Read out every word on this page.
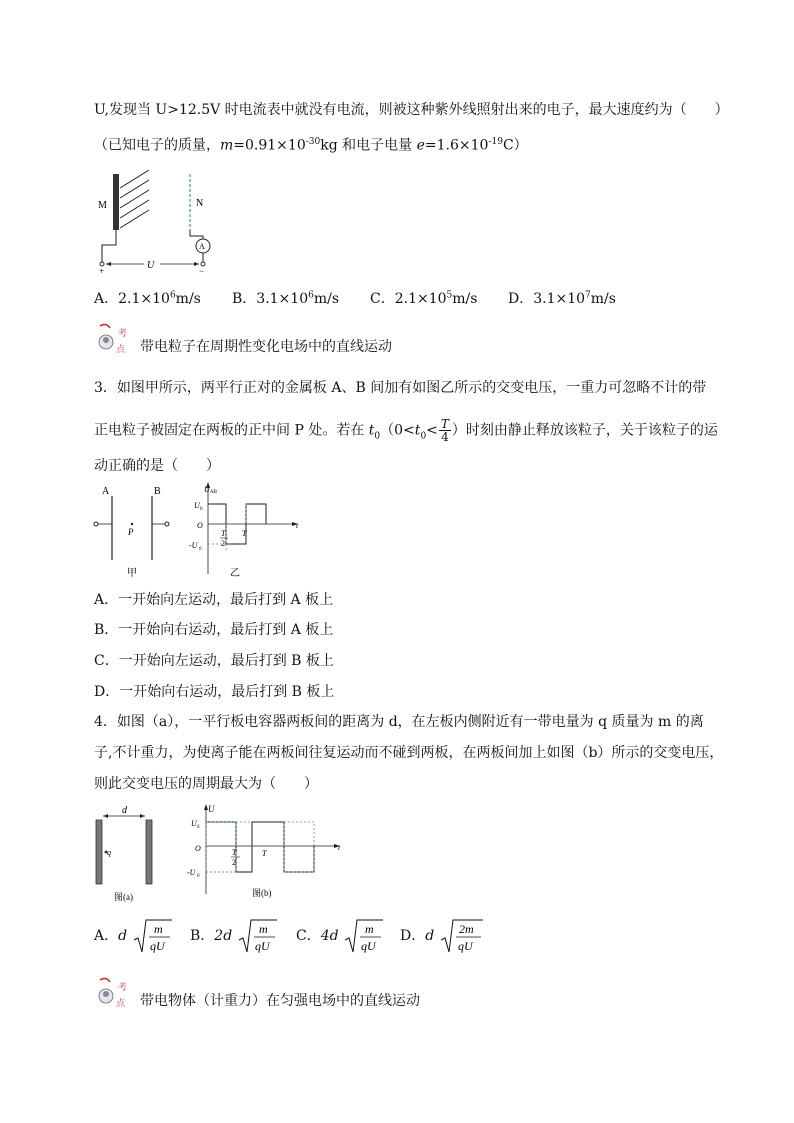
U,发现当 U>12.5V 时电流表中就没有电流，则被这种紫外线照射出来的电子，最大速度约为（　　）
（已知电子的质量，$m=0.91\times 10^{-30}kg$ 和电子电量 $e=1.6\times 10^{-19}C$）
M	N
A
U
+	−
A．$2.1\times 10^6m/s$ B．$3.1\times 10^6m/s$ C．$2.1\times 10^5m/s$ D．$3.1\times 10^7m/s$
考
点 带电粒子在周期性变化电场中的直线运动
3．如图甲所示，两平行正对的金属板 A、B 间加有如图乙所示的交变电压，一重力可忽略不计的带
正电粒子被固定在两板的正中间 P 处。若在 $t_0(0<t_0< \frac{T}{4}$ ）时刻由静止释放该粒子，关于该粒子的运
动正确的是（　　）
A	B
P
甲
U AB
U 0
O
-U 0
T
2
T
t
乙
A．一开始向左运动，最后打到 A 板上
B．一开始向右运动，最后打到 A 板上
C．一开始向左运动，最后打到 B 板上
D．一开始向右运动，最后打到 B 板上
4．如图（a），一平行板电容器两板间的距离为 d，在左板内侧附近有一带电量为 q 质量为 m 的离
子,不计重力，为使离子能在两板间往复运动而不碰到两板，在两板间加上如图（b）所示的交变电压，
则此交变电压的周期最大为（　　）
d
q
图(a)
U
U 0
O
-U 0
T
2
T
t
图(b)
A．d m
qU
B．2d m
qU
C．4d m
qU
D．d 2m
qU
考
点 带电物体（计重力）在匀强电场中的直线运动
